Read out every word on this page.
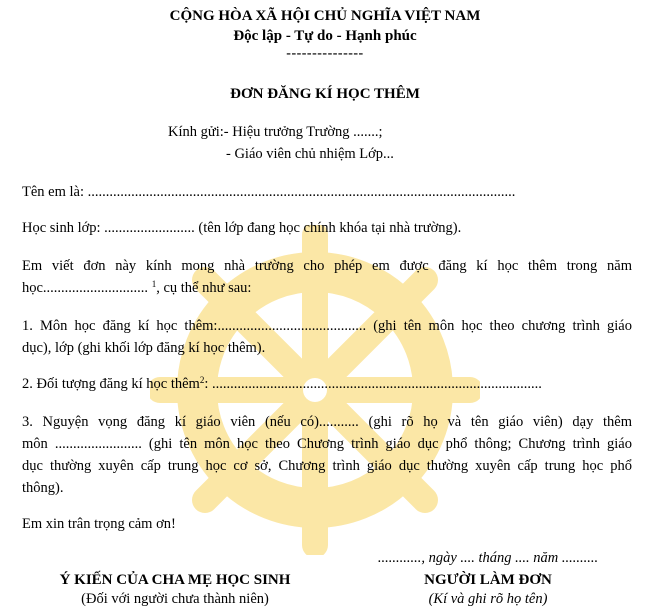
CỘNG HÒA XÃ HỘI CHỦ NGHĨA VIỆT NAM
Độc lập - Tự do - Hạnh phúc
---------------
ĐƠN ĐĂNG KÍ HỌC THÊM
Kính gửi:- Hiệu trưởng Trường .......;
- Giáo viên chủ nhiệm Lớp...
Tên em là: ......................................................................................................................
Học sinh lớp: ......................... (tên lớp đang học chính khóa tại nhà trường).
Em viết đơn này kính mong nhà trường cho phép em được đăng kí học thêm trong năm
học............................. $^1$, cụ thể như sau:
1. Môn học đăng kí học thêm:......................................... (ghi tên môn học theo chương trình giáo
dục), lớp (ghi khối lớp đăng kí học thêm).
2. Đối tượng đăng kí học thêm$^2$: ...........................................................................................
3. Nguyện vọng đăng kí giáo viên (nếu có)........... (ghi rõ họ và tên giáo viên) dạy thêm
môn ........................ (ghi tên môn học theo Chương trình giáo dục phổ thông; Chương trình giáo
dục thường xuyên cấp trung học cơ sở, Chương trình giáo dục thường xuyên cấp trung học phổ
thông).
Em xin trân trọng cảm ơn!
............, ngày .... tháng .... năm ..........
Ý KIẾN CỦA CHA MẸ HỌC SINH
(Đối với người chưa thành niên)
NGƯỜI LÀM ĐƠN
(Kí và ghi rõ họ tên)
